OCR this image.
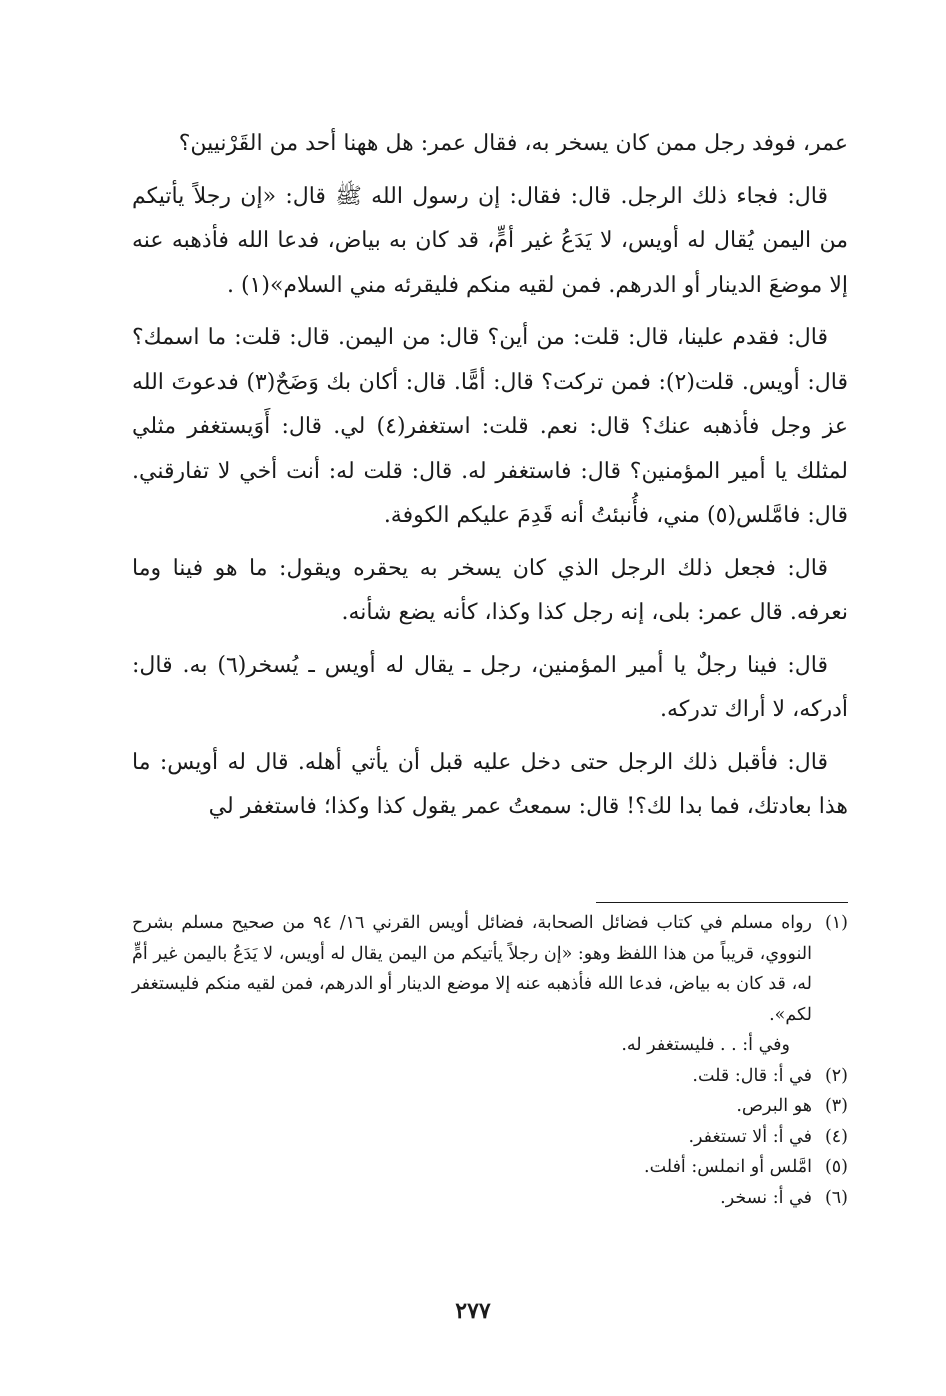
عمر، فوفد رجل ممن كان يسخر به، فقال عمر: هل ههنا أحد من القَرْنيين؟

قال: فجاء ذلك الرجل. قال: فقال: إن رسول الله ﷺ قال: «إن رجلاً يأتيكم من اليمن يُقال له أويس، لا يَدَعُ غير أمٍّ، قد كان به بياض، فدعا الله فأذهبه عنه إلا موضعَ الدينار أو الدرهم. فمن لقيه منكم فليقرئه مني السلام»(١) .

قال: فقدم علينا، قال: قلت: من أين؟ قال: من اليمن. قال: قلت: ما اسمك؟ قال: أويس. قلت(٢): فمن تركت؟ قال: أمًّا. قال: أكان بك وَضَحٌ(٣) فدعوتَ الله عز وجل فأذهبه عنك؟ قال: نعم. قلت: استغفر(٤) لي. قال: أَوَيستغفر مثلي لمثلك يا أمير المؤمنين؟ قال: فاستغفر له. قال: قلت له: أنت أخي لا تفارقني. قال: فامَّلس(٥) مني، فأُنبئتُ أنه قَدِمَ عليكم الكوفة.

قال: فجعل ذلك الرجل الذي كان يسخر به يحقره ويقول: ما هو فينا وما نعرفه. قال عمر: بلى، إنه رجل كذا وكذا، كأنه يضع شأنه.

قال: فينا رجلٌ يا أمير المؤمنين، رجل ـ يقال له أويس ـ يُسخر(٦) به. قال: أدركه، لا أراك تدركه.

قال: فأقبل ذلك الرجل حتى دخل عليه قبل أن يأتي أهله. قال له أويس: ما هذا بعادتك، فما بدا لك؟! قال: سمعتُ عمر يقول كذا وكذا؛ فاستغفر لي

(١)
رواه مسلم في كتاب فضائل الصحابة، فضائل أويس القرني ١٦/ ٩٤ من صحيح مسلم بشرح النووي، قريباً من هذا اللفظ وهو: «إن رجلاً يأتيكم من اليمن يقال له أويس، لا يَدَعُ باليمن غير أمٍّ له، قد كان به بياض، فدعا الله فأذهبه عنه إلا موضع الدينار أو الدرهم، فمن لقيه منكم فليستغفر لكم».
وفي أ: . . فليستغفر له.
(٢)
في أ: قال: قلت.
(٣)
هو البرص.
(٤)
في أ: ألا تستغفر.
(٥)
امَّلس أو انملس: أفلت.
(٦)
في أ: نسخر.
٢٧٧
